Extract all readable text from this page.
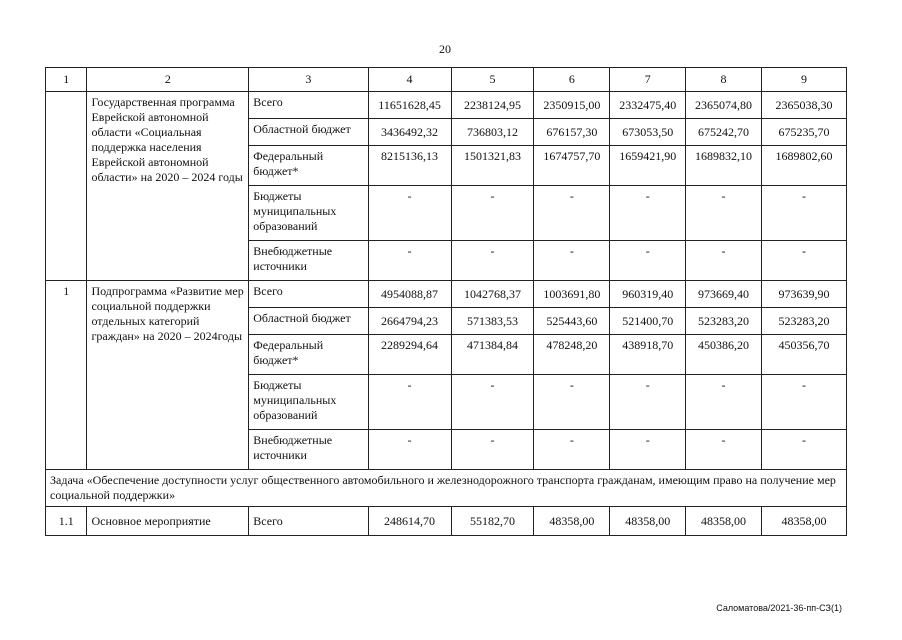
20
1	2	3	4	5	6	7	8	9
	Государственная программа Еврейской автономной области «Социальная поддержка населения Еврейской автономной области» на 2020 – 2024 годы	Всего	11651628,45	2238124,95	2350915,00	2332475,40	2365074,80	2365038,30
		Областной бюджет	3436492,32	736803,12	676157,30	673053,50	675242,70	675235,70
		Федеральный бюджет*	8215136,13	1501321,83	1674757,70	1659421,90	1689832,10	1689802,60
		Бюджеты муниципальных образований	-	-	-	-	-	-
		Внебюджетные источники	-	-	-	-	-	-
1	Подпрограмма «Развитие мер социальной поддержки отдельных категорий граждан» на 2020 – 2024годы	Всего	4954088,87	1042768,37	1003691,80	960319,40	973669,40	973639,90
		Областной бюджет	2664794,23	571383,53	525443,60	521400,70	523283,20	523283,20
		Федеральный бюджет*	2289294,64	471384,84	478248,20	438918,70	450386,20	450356,70
		Бюджеты муниципальных образований	-	-	-	-	-	-
		Внебюджетные источники	-	-	-	-	-	-
Задача «Обеспечение доступности услуг общественного автомобильного и железнодорожного транспорта гражданам, имеющим право на получение мер социальной поддержки»								
1.1	Основное мероприятие	Всего	248614,70	55182,70	48358,00	48358,00	48358,00	48358,00
Саломатова/2021-36-пп-СЗ(1)
